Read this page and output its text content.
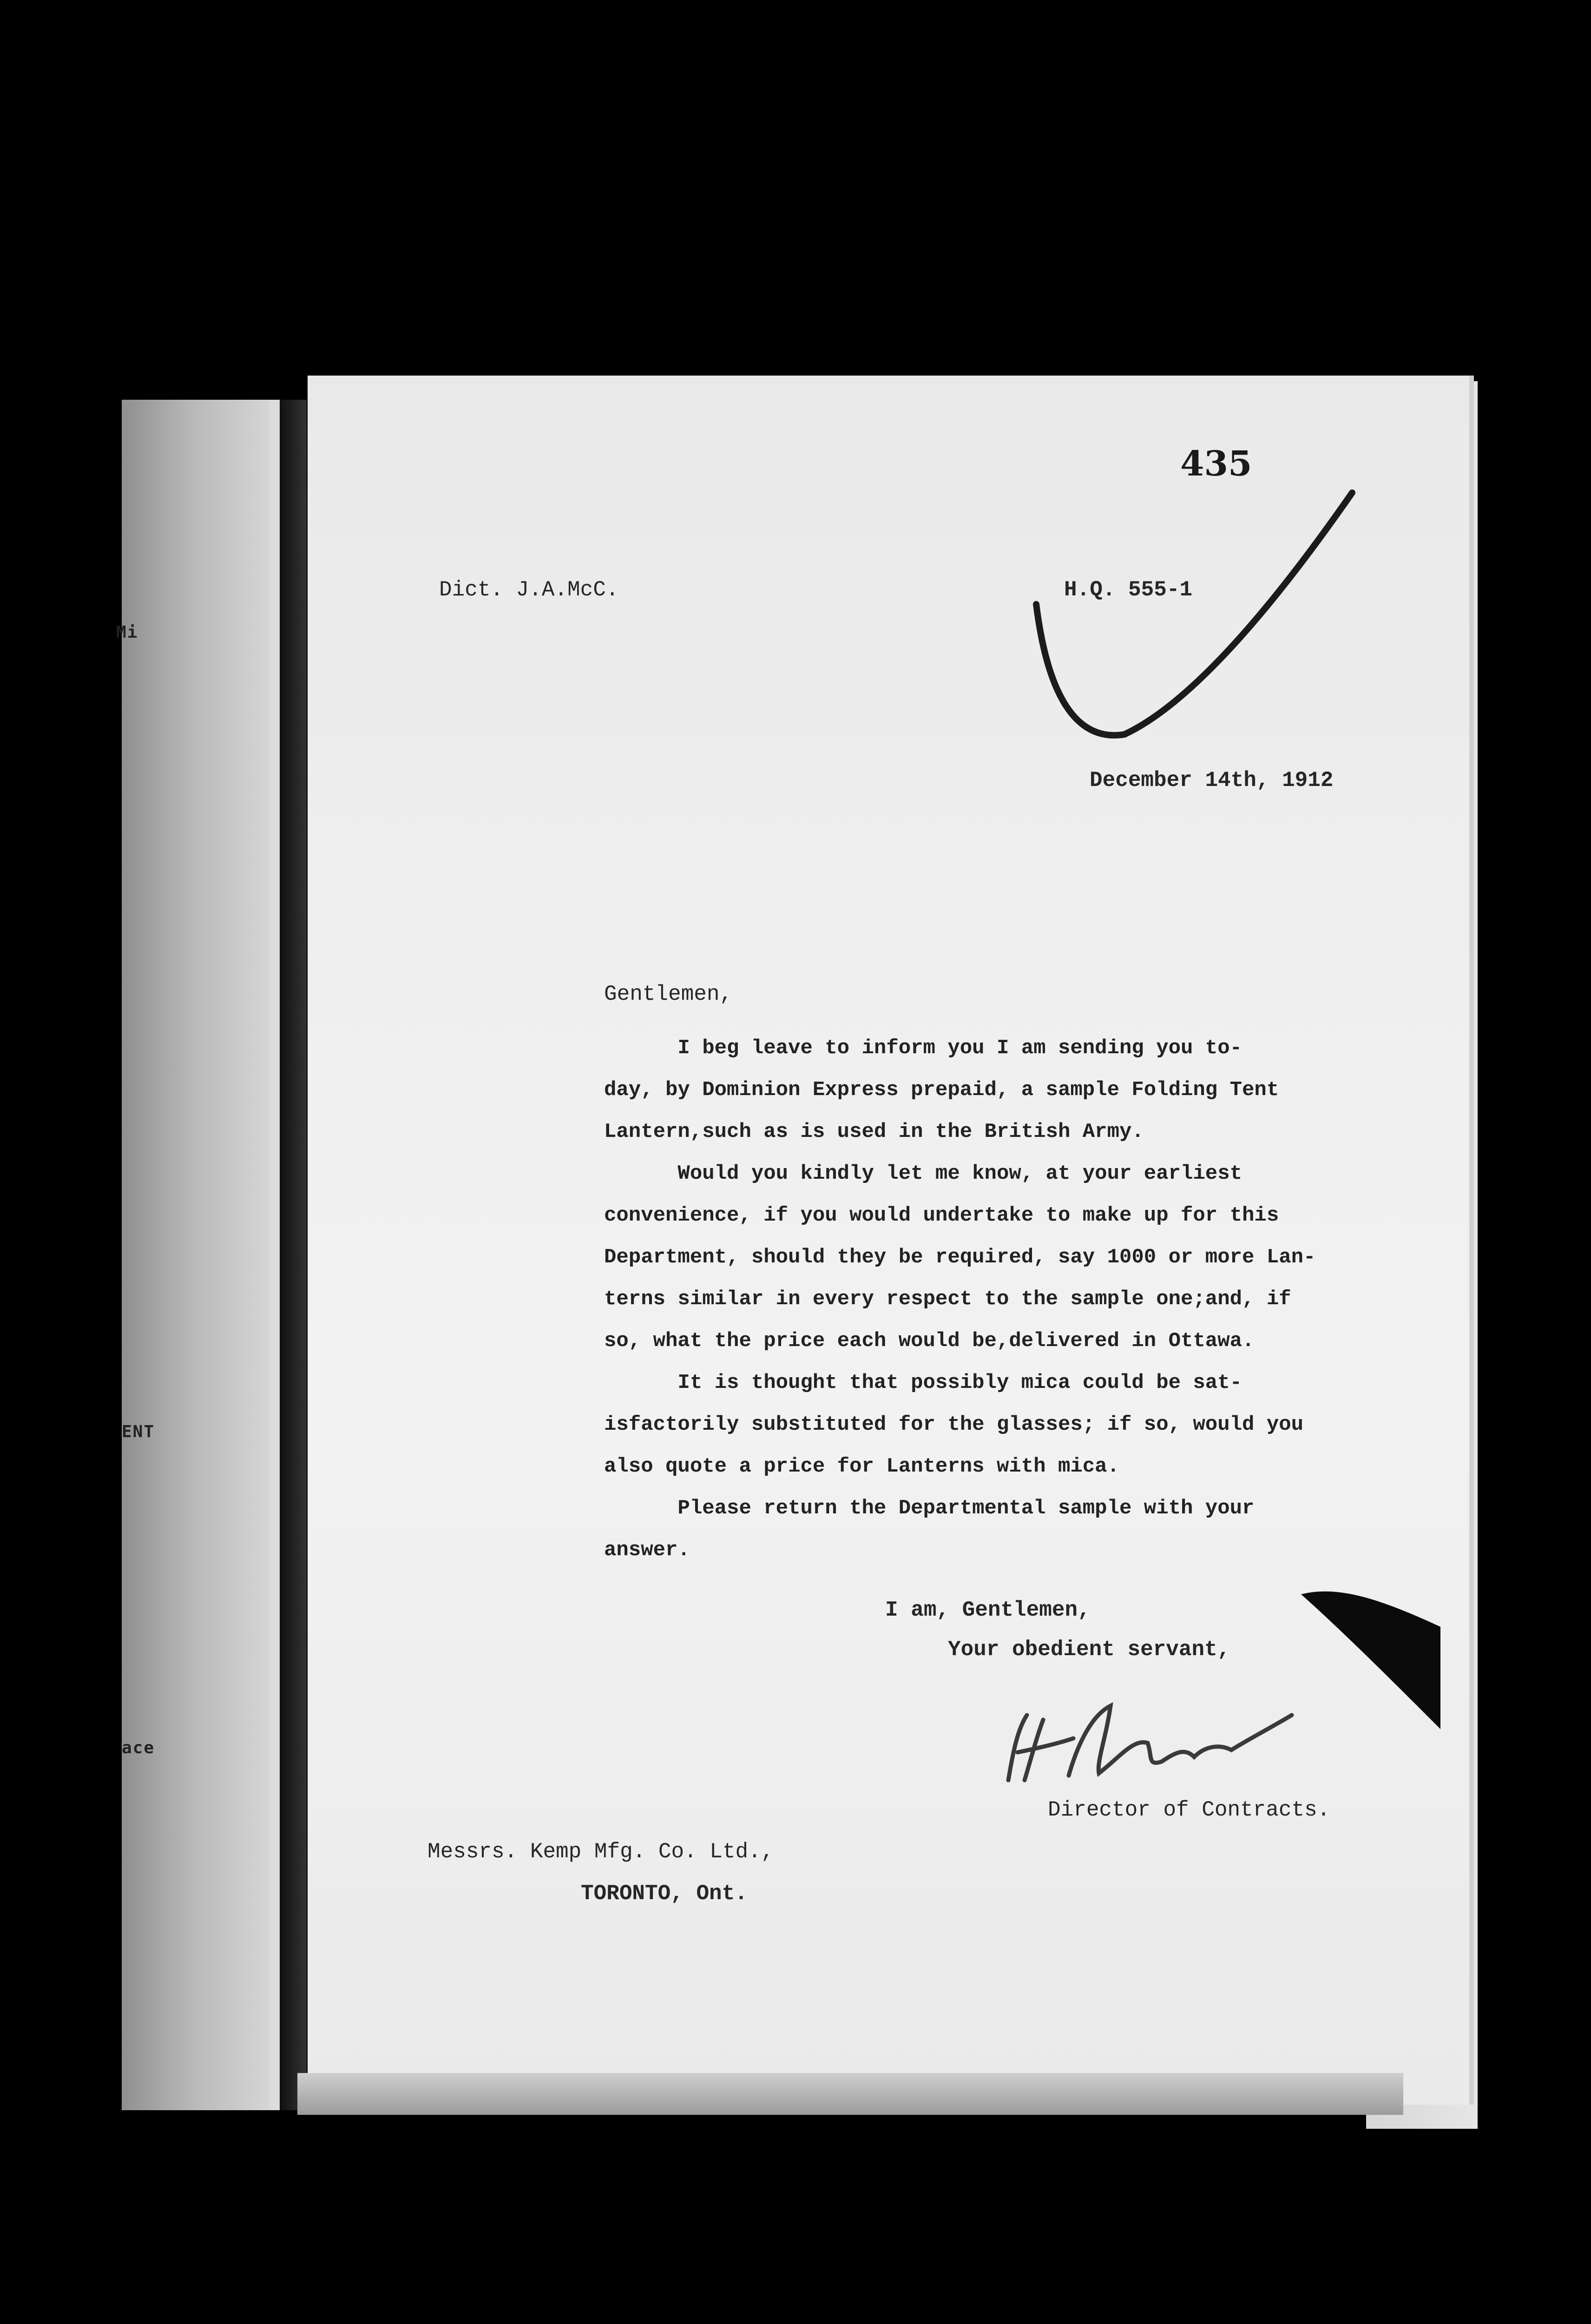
Mi
ENT
ace
435
Dict. J.A.McC.	H.Q. 555-1
December 14th, 1912
Gentlemen,

I beg leave to inform you I am sending you to-

day, by Dominion Express prepaid, a sample Folding Tent

Lantern,such as is used in the British Army.

Would you kindly let me know, at your earliest

convenience, if you would undertake to make up for this

Department, should they be required, say 1000 or more Lan-

terns similar in every respect to the sample one;and, if

so, what the price each would be,delivered in Ottawa.

It is thought that possibly mica could be sat-

isfactorily substituted for the glasses; if so, would you

also quote a price for Lanterns with mica.

Please return the Departmental sample with your

answer.

I am, Gentlemen,
Your obedient servant,
Director of Contracts.
Messrs. Kemp Mfg. Co. Ltd.,
TORONTO, Ont.
